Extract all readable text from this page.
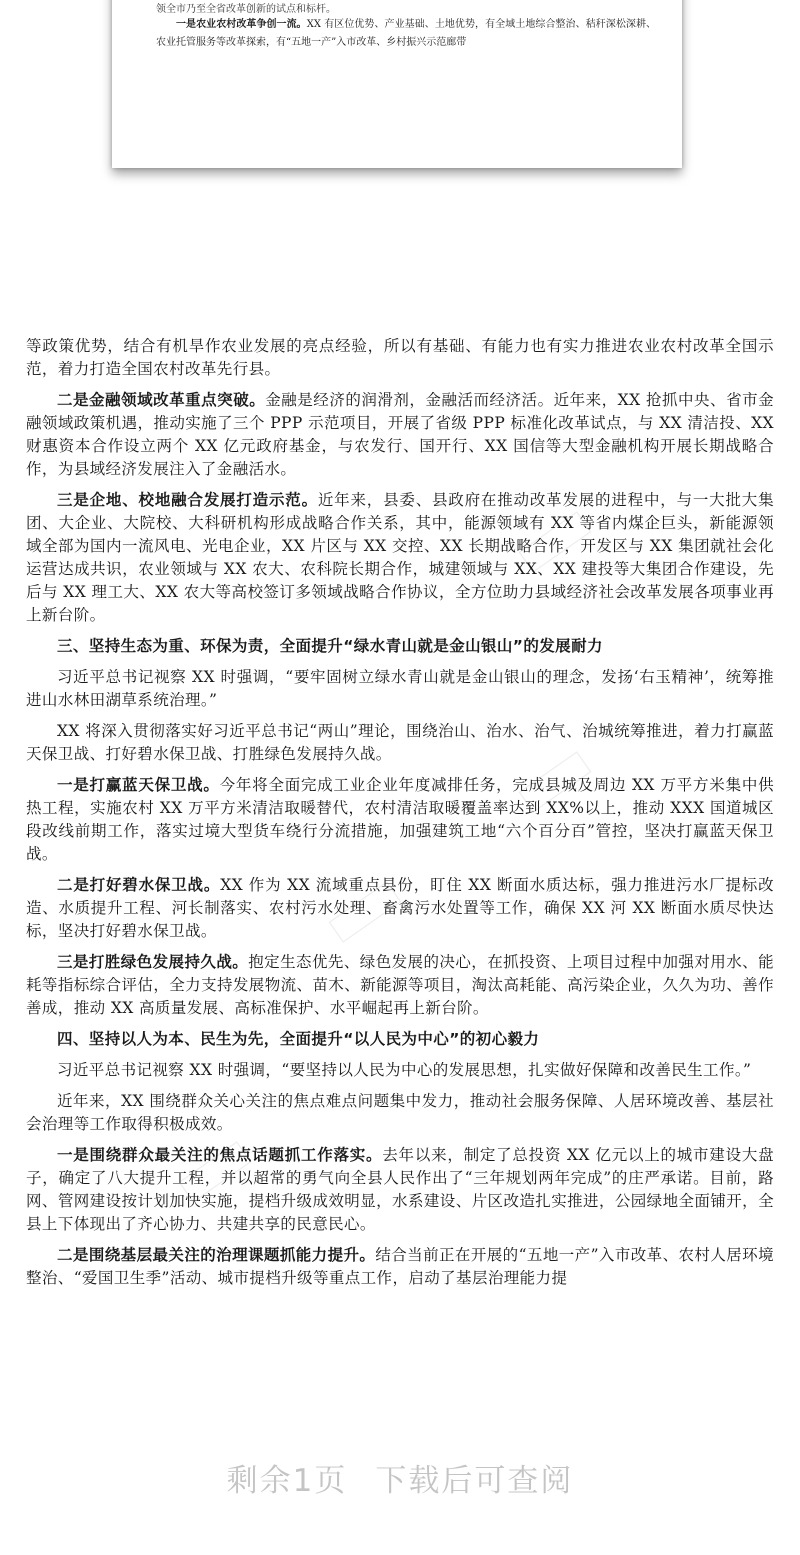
领全市乃至全省改革创新的试点和标杆。
一是农业农村改革争创一流。XX 有区位优势、产业基础、土地优势，有全域土地综合整治、秸秆深松深耕、农业托管服务等改革探索，有“五地一产”入市改革、乡村振兴示范廊带

等政策优势，结合有机旱作农业发展的亮点经验，所以有基础、有能力也有实力推进农业农村改革全国示范，着力打造全国农村改革先行县。

二是金融领域改革重点突破。金融是经济的润滑剂，金融活而经济活。近年来，XX 抢抓中央、省市金融领域政策机遇，推动实施了三个 PPP 示范项目，开展了省级 PPP 标准化改革试点，与 XX 清洁投、XX 财惠资本合作设立两个 XX 亿元政府基金，与农发行、国开行、XX 国信等大型金融机构开展长期战略合作，为县域经济发展注入了金融活水。

三是企地、校地融合发展打造示范。近年来，县委、县政府在推动改革发展的进程中，与一大批大集团、大企业、大院校、大科研机构形成战略合作关系，其中，能源领域有 XX 等省内煤企巨头，新能源领域全部为国内一流风电、光电企业，XX 片区与 XX 交控、XX 长期战略合作，开发区与 XX 集团就社会化运营达成共识，农业领域与 XX 农大、农科院长期合作，城建领域与 XX、XX 建投等大集团合作建设，先后与 XX 理工大、XX 农大等高校签订多领域战略合作协议，全方位助力县域经济社会改革发展各项事业再上新台阶。

三、坚持生态为重、环保为责，全面提升“绿水青山就是金山银山”的发展耐力

习近平总书记视察 XX 时强调，“要牢固树立绿水青山就是金山银山的理念，发扬‘右玉精神’，统筹推进山水林田湖草系统治理。”

XX 将深入贯彻落实好习近平总书记“两山”理论，围绕治山、治水、治气、治城统筹推进，着力打赢蓝天保卫战、打好碧水保卫战、打胜绿色发展持久战。

一是打赢蓝天保卫战。今年将全面完成工业企业年度减排任务，完成县城及周边 XX 万平方米集中供热工程，实施农村 XX 万平方米清洁取暖替代，农村清洁取暖覆盖率达到 XX%以上，推动 XXX 国道城区段改线前期工作，落实过境大型货车绕行分流措施，加强建筑工地“六个百分百”管控，坚决打赢蓝天保卫战。

二是打好碧水保卫战。XX 作为 XX 流域重点县份，盯住 XX 断面水质达标，强力推进污水厂提标改造、水质提升工程、河长制落实、农村污水处理、畜禽污水处置等工作，确保 XX 河 XX 断面水质尽快达标，坚决打好碧水保卫战。

三是打胜绿色发展持久战。抱定生态优先、绿色发展的决心，在抓投资、上项目过程中加强对用水、能耗等指标综合评估，全力支持发展物流、苗木、新能源等项目，淘汰高耗能、高污染企业，久久为功、善作善成，推动 XX 高质量发展、高标准保护、水平崛起再上新台阶。

四、坚持以人为本、民生为先，全面提升“以人民为中心”的初心毅力

习近平总书记视察 XX 时强调，“要坚持以人民为中心的发展思想，扎实做好保障和改善民生工作。”

近年来，XX 围绕群众关心关注的焦点难点问题集中发力，推动社会服务保障、人居环境改善、基层社会治理等工作取得积极成效。

一是围绕群众最关注的焦点话题抓工作落实。去年以来，制定了总投资 XX 亿元以上的城市建设大盘子，确定了八大提升工程，并以超常的勇气向全县人民作出了“三年规划两年完成”的庄严承诺。目前，路网、管网建设按计划加快实施，提档升级成效明显，水系建设、片区改造扎实推进，公园绿地全面铺开，全县上下体现出了齐心协力、共建共享的民意民心。

二是围绕基层最关注的治理课题抓能力提升。结合当前正在开展的“五地一产”入市改革、农村人居环境整治、“爱国卫生季”活动、城市提档升级等重点工作，启动了基层治理能力提

剩余1页 下载后可查阅
